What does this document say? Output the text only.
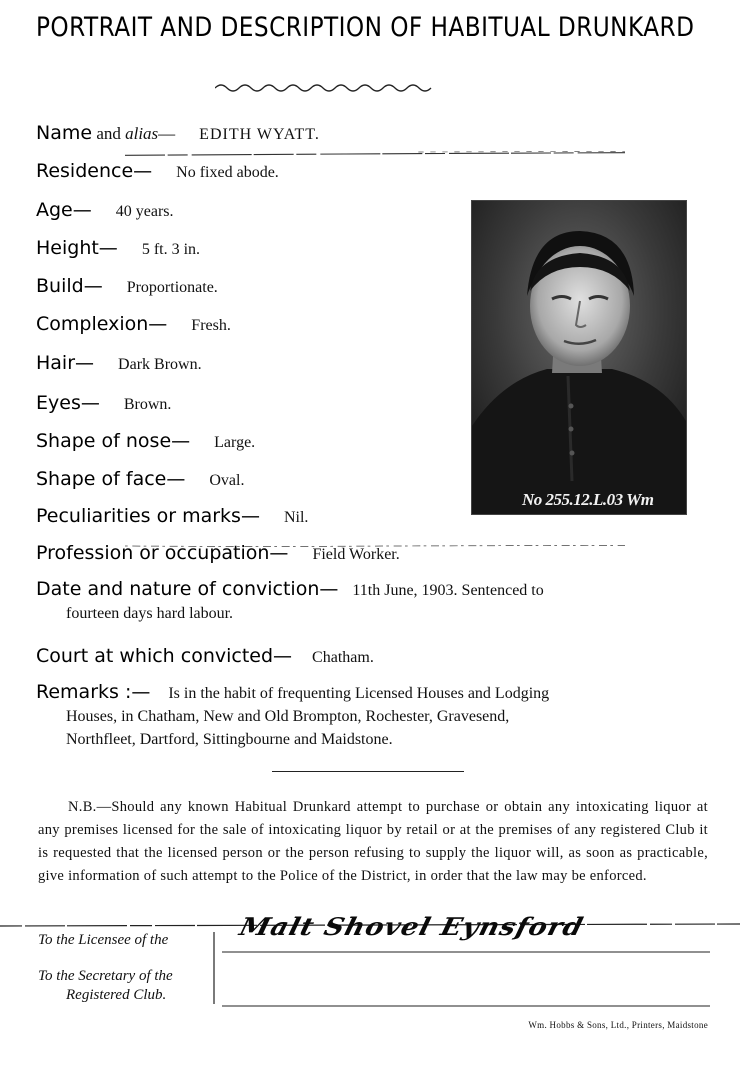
PORTRAIT AND DESCRIPTION OF HABITUAL DRUNKARD
Name and alias— EDITH WYATT.
Residence— No fixed abode.
Age— 40 years.
Height— 5 ft. 3 in.
Build— Proportionate.
Complexion— Fresh.
Hair— Dark Brown.
Eyes— Brown.
Shape of nose— Large.
Shape of face— Oval.
Peculiarities or marks— Nil.
Profession or occupation— Field Worker.
No 255.12.L.03 Wm
Date and nature of conviction— 11th June, 1903. Sentenced to
fourteen days hard labour.
Court at which convicted— Chatham.
Remarks :— Is in the habit of frequenting Licensed Houses and Lodging
Houses, in Chatham, New and Old Brompton, Rochester, Gravesend,
Northfleet, Dartford, Sittingbourne and Maidstone.

N.B.—Should any known Habitual Drunkard attempt to purchase or obtain any intoxicating liquor at any premises licensed for the sale of intoxicating liquor by retail or at the premises of any registered Club it is requested that the licensed person or the person refusing to supply the liquor will, as soon as practicable, give information of such attempt to the Police of the District, in order that the law may be enforced.

To the Licensee of the
To the Secretary of the
Registered Club.
Malt Shovel Eynsford
Wm. Hobbs & Sons, Ltd., Printers, Maidstone
